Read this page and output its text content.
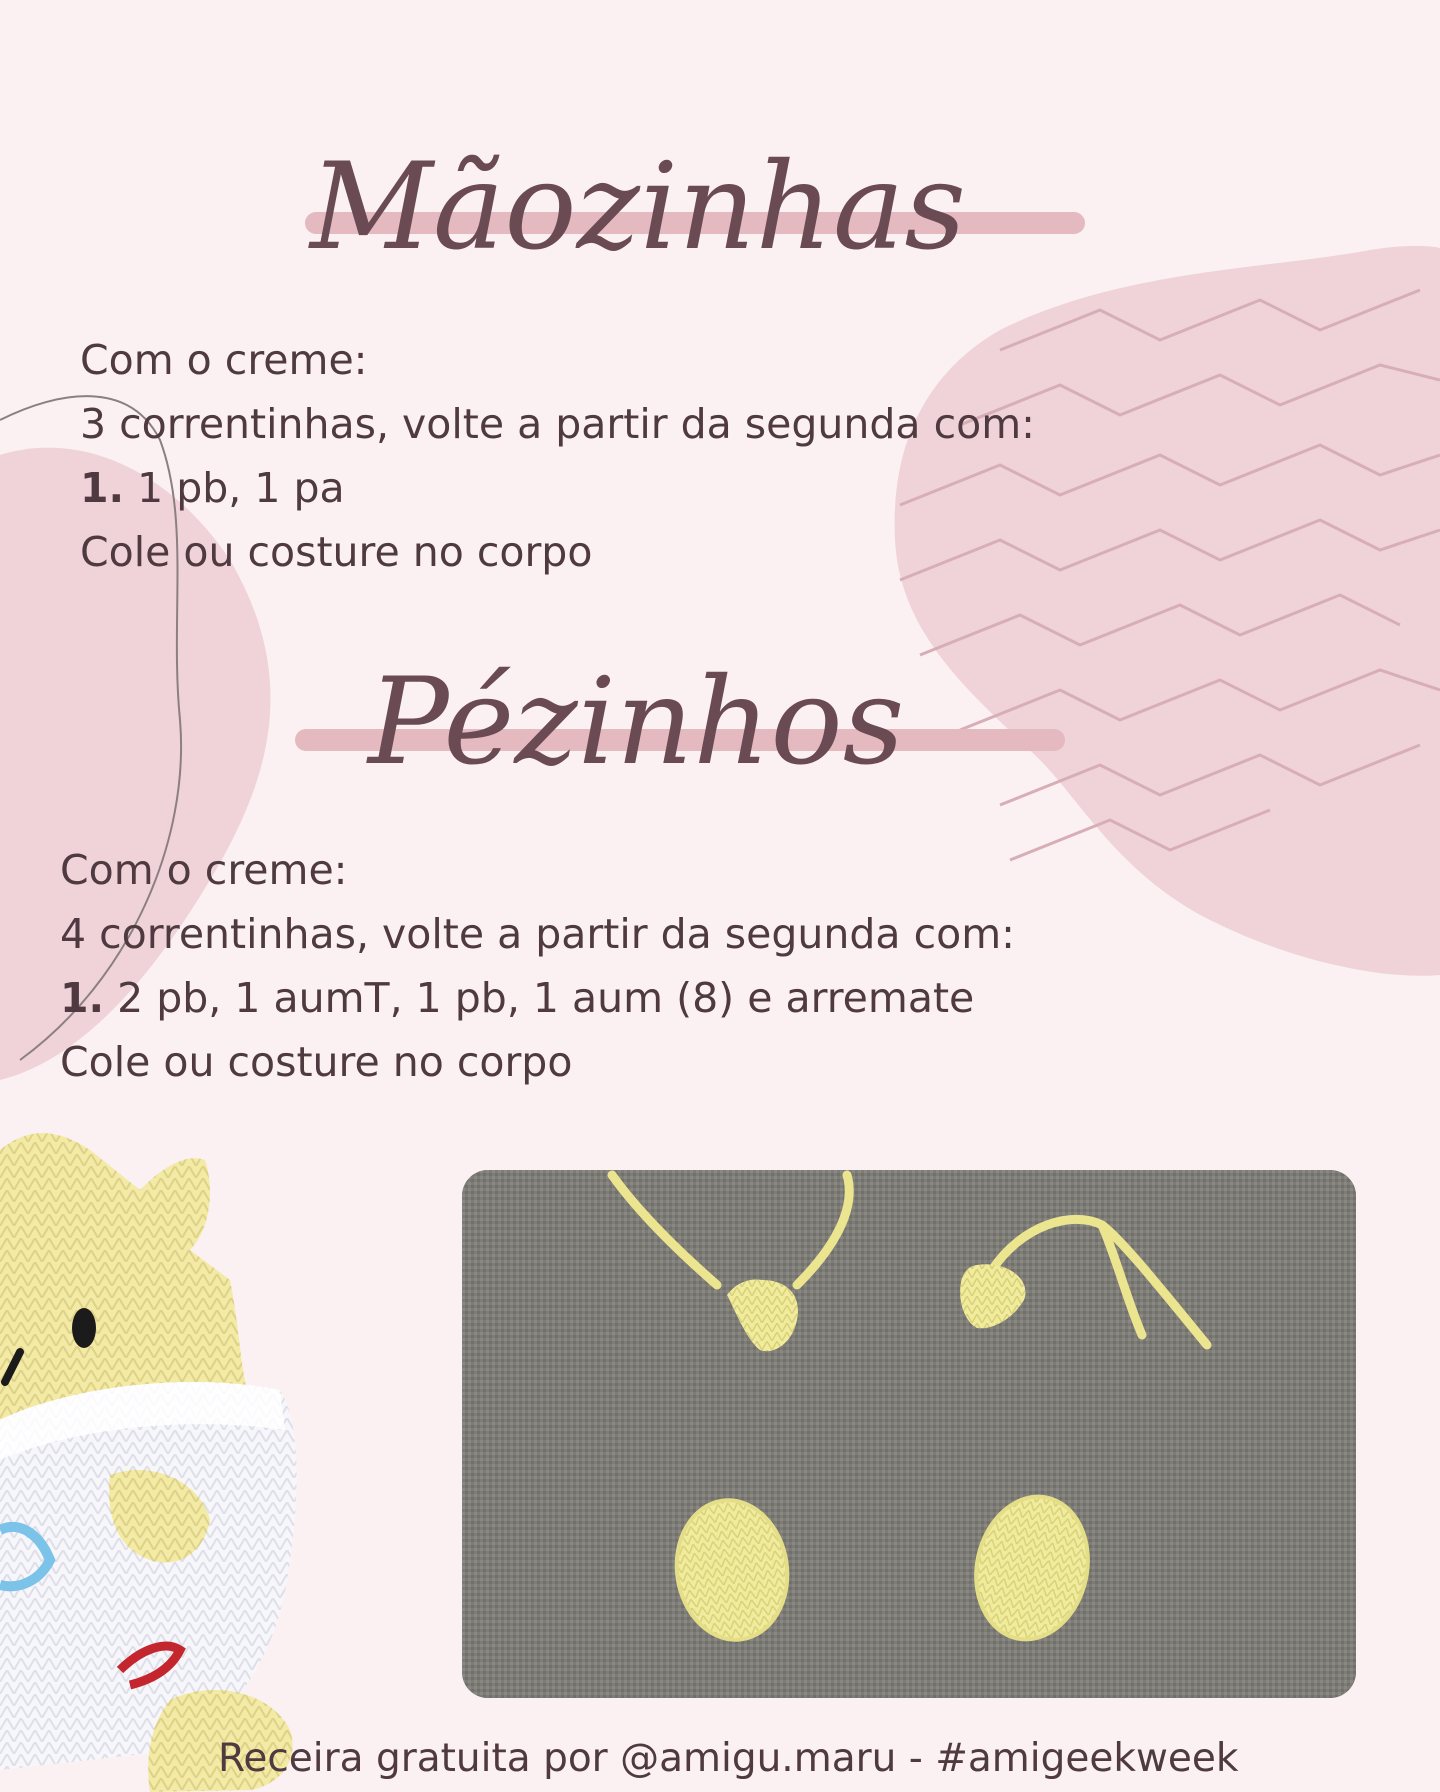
Mãozinhas

Com o creme:

3 correntinhas, volte a partir da segunda com:

1. 1 pb, 1 pa

Cole ou costure no corpo

Pézinhos

Com o creme:

4 correntinhas, volte a partir da segunda com:

1. 2 pb, 1 aumT, 1 pb, 1 aum (8) e arremate

Cole ou costure no corpo

Receira gratuita por @amigu.maru - #amigeekweek
